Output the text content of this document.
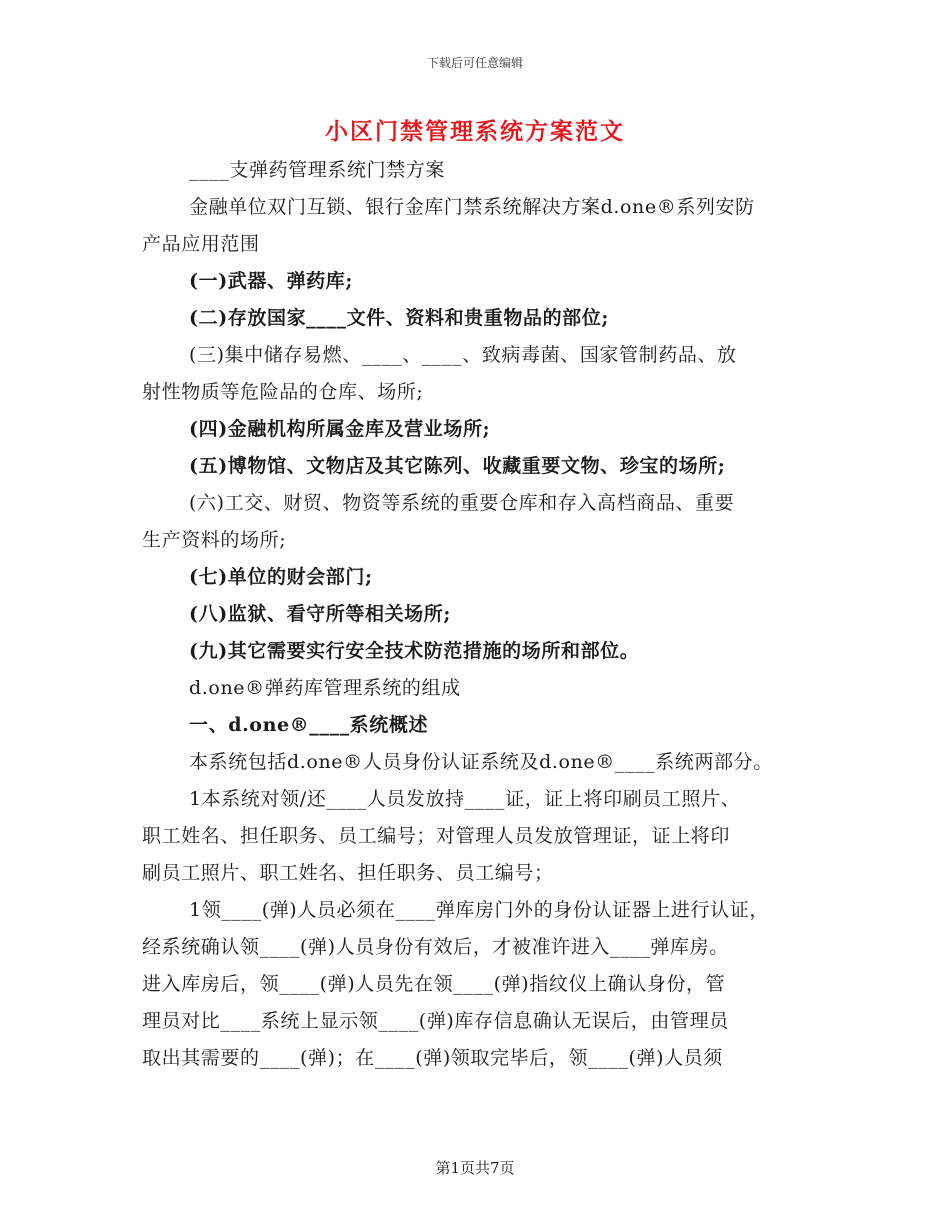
下载后可任意编辑
小区门禁管理系统方案范文
____支弹药管理系统门禁方案
金融单位双门互锁、银行金库门禁系统解决方案d.one®系列安防
产品应用范围
(一)武器、弹药库;
(二)存放国家____文件、资料和贵重物品的部位;
(三)集中储存易燃、____、____、致病毒菌、国家管制药品、放
射性物质等危险品的仓库、场所;
(四)金融机构所属金库及营业场所;
(五)博物馆、文物店及其它陈列、收藏重要文物、珍宝的场所;
(六)工交、财贸、物资等系统的重要仓库和存入高档商品、重要
生产资料的场所;
(七)单位的财会部门;
(八)监狱、看守所等相关场所;
(九)其它需要实行安全技术防范措施的场所和部位。
d.one®弹药库管理系统的组成
一、d.one®____系统概述
本系统包括d.one®人员身份认证系统及d.one®____系统两部分。
1本系统对领/还____人员发放持____证，证上将印刷员工照片、
职工姓名、担任职务、员工编号；对管理人员发放管理证，证上将印
刷员工照片、职工姓名、担任职务、员工编号；
1领____(弹)人员必须在____弹库房门外的身份认证器上进行认证，
经系统确认领____(弹)人员身份有效后，才被准许进入____弹库房。
进入库房后，领____(弹)人员先在领____(弹)指纹仪上确认身份，管
理员对比____系统上显示领____(弹)库存信息确认无误后，由管理员
取出其需要的____(弹)；在____(弹)领取完毕后，领____(弹)人员须
第1页共7页
